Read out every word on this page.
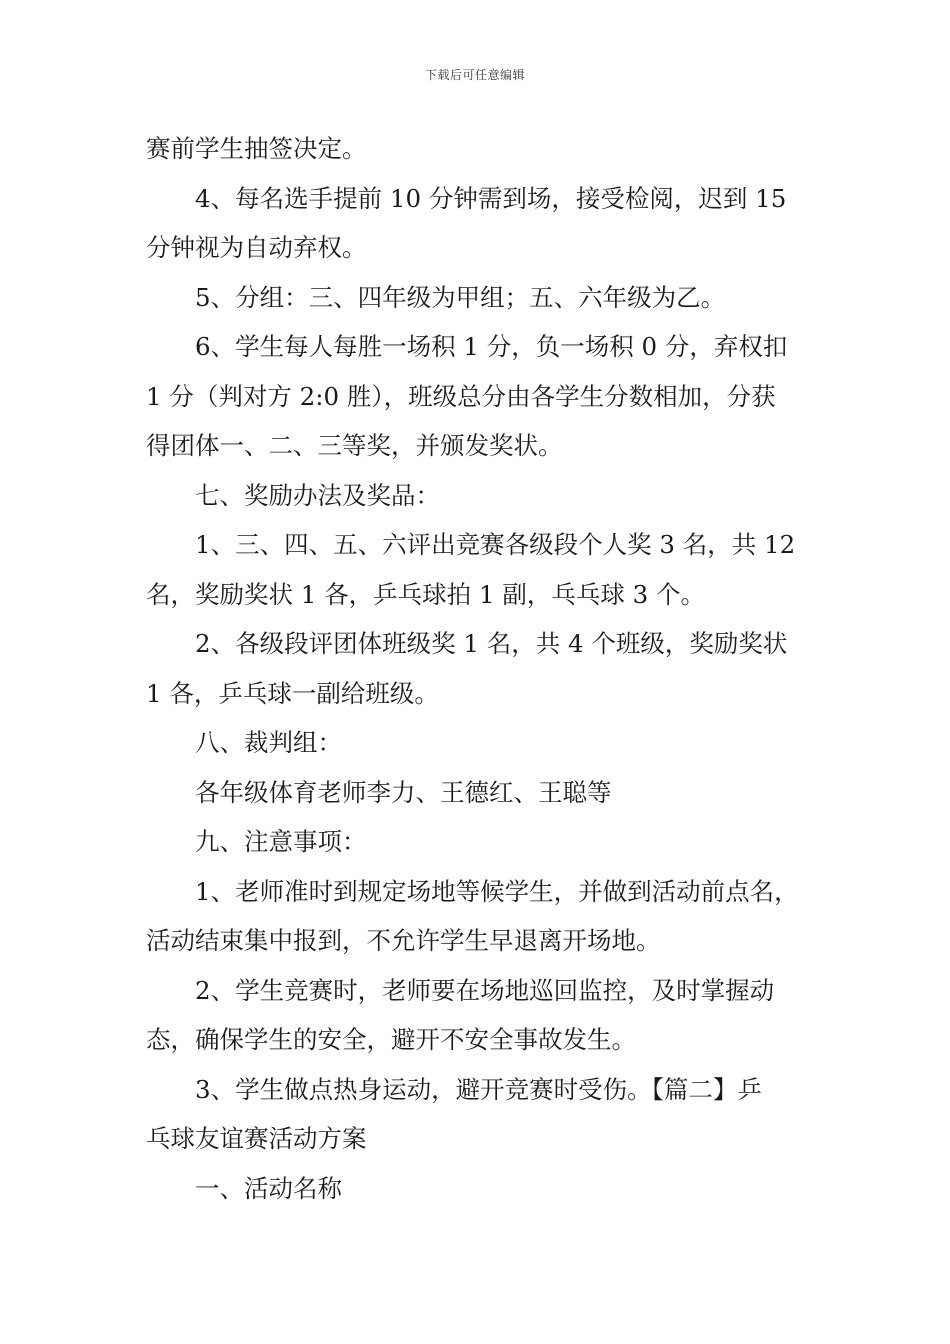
下载后可任意编辑
赛前学生抽签决定。
4、每名选手提前 10 分钟需到场，接受检阅，迟到 15
分钟视为自动弃权。
5、分组：三、四年级为甲组；五、六年级为乙。
6、学生每人每胜一场积 1 分，负一场积 0 分，弃权扣
1 分（判对方 2:0 胜），班级总分由各学生分数相加，分获
得团体一、二、三等奖，并颁发奖状。
七、奖励办法及奖品：
1、三、四、五、六评出竞赛各级段个人奖 3 名，共 12
名，奖励奖状 1 各，乒乓球拍 1 副，乓乓球 3 个。
2、各级段评团体班级奖 1 名，共 4 个班级，奖励奖状
1 各，乒乓球一副给班级。
八、裁判组：
各年级体育老师李力、王德红、王聪等
九、注意事项：
1、老师准时到规定场地等候学生，并做到活动前点名，
活动结束集中报到，不允许学生早退离开场地。
2、学生竞赛时，老师要在场地巡回监控，及时掌握动
态，确保学生的安全，避开不安全事故发生。
3、学生做点热身运动，避开竞赛时受伤。【篇二】乒
乓球友谊赛活动方案
一、活动名称
